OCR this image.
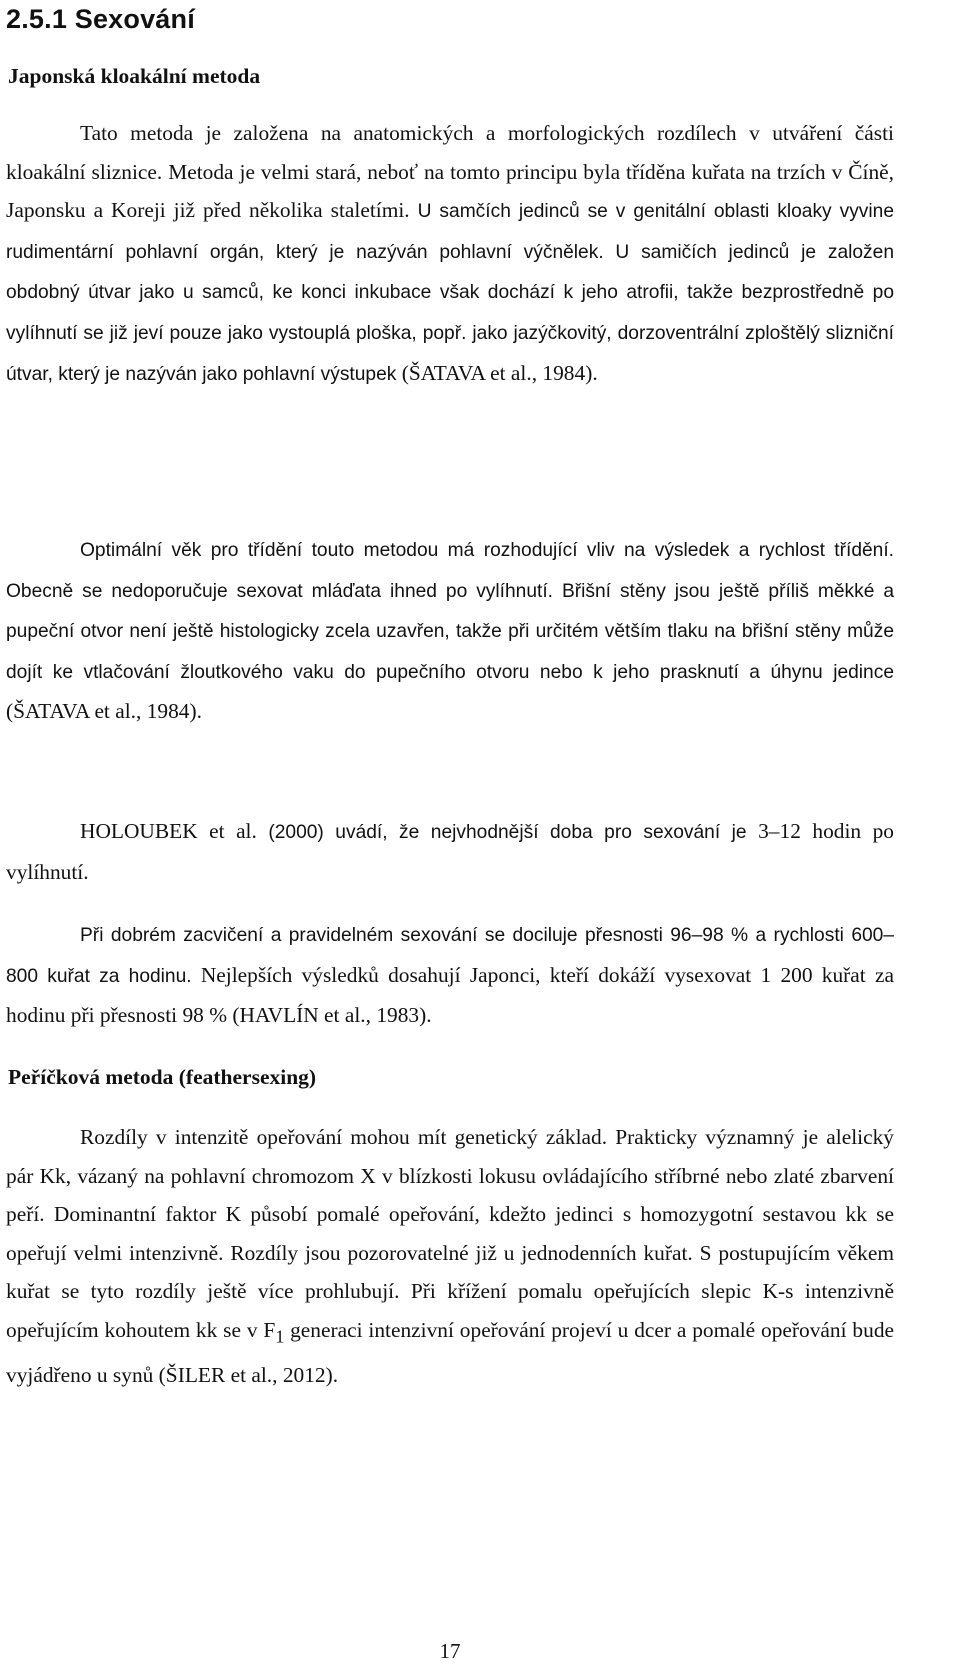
2.5.1 Sexování
Japonská kloakální metoda

Tato metoda je založena na anatomických a morfologických rozdílech v utváření části kloakální sliznice. Metoda je velmi stará, neboť na tomto principu byla tříděna kuřata na trzích v Číně, Japonsku a Koreji již před několika staletími. U samčích jedinců se v genitální oblasti kloaky vyvine rudimentární pohlavní orgán, který je nazýván pohlavní výčnělek. U samičích jedinců je založen obdobný útvar jako u samců, ke konci inkubace však dochází k jeho atrofii, takže bezprostředně po vylíhnutí se již jeví pouze jako vystouplá ploška, popř. jako jazýčkovitý, dorzoventrální zploštělý slizniční útvar, který je nazýván jako pohlavní výstupek (ŠATAVA et al., 1984).

Optimální věk pro třídění touto metodou má rozhodující vliv na výsledek a rychlost třídění. Obecně se nedoporučuje sexovat mláďata ihned po vylíhnutí. Břišní stěny jsou ještě příliš měkké a pupeční otvor není ještě histologicky zcela uzavřen, takže při určitém větším tlaku na břišní stěny může dojít ke vtlačování žloutkového vaku do pupečního otvoru nebo k jeho prasknutí a úhynu jedince (ŠATAVA et al., 1984).

HOLOUBEK et al. (2000) uvádí, že nejvhodnější doba pro sexování je 3–12 hodin po vylíhnutí.

Při dobrém zacvičení a pravidelném sexování se dociluje přesnosti 96–98 % a rychlosti 600–800 kuřat za hodinu. Nejlepších výsledků dosahují Japonci, kteří dokáží vysexovat 1 200 kuřat za hodinu při přesnosti 98 % (HAVLÍN et al., 1983).

Peříčková metoda (feathersexing)

Rozdíly v intenzitě opeřování mohou mít genetický základ. Prakticky významný je alelický pár Kk, vázaný na pohlavní chromozom X v blízkosti lokusu ovládajícího stříbrné nebo zlaté zbarvení peří. Dominantní faktor K působí pomalé opeřování, kdežto jedinci s homozygotní sestavou kk se opeřují velmi intenzivně. Rozdíly jsou pozorovatelné již u jednodenních kuřat. S postupujícím věkem kuřat se tyto rozdíly ještě více prohlubují. Při křížení pomalu opeřujících slepic K-s intenzivně opeřujícím kohoutem kk se v $F_1$ generaci intenzivní opeřování projeví u dcer a pomalé opeřování bude vyjádřeno u synů (ŠILER et al., 2012).

17
